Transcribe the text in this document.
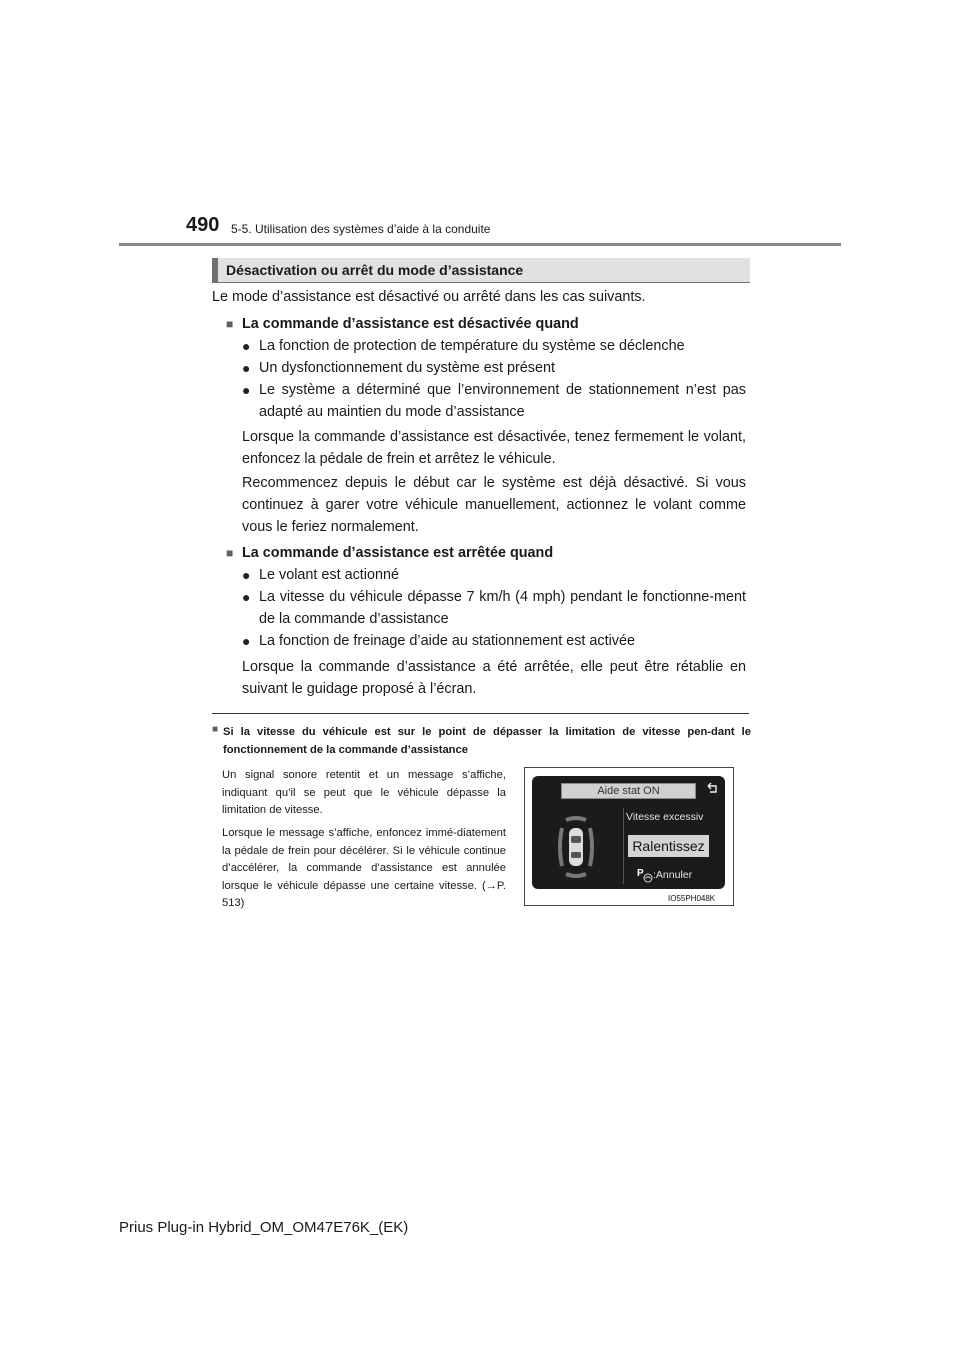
490 5-5. Utilisation des systèmes d’aide à la conduite
Désactivation ou arrêt du mode d’assistance
Le mode d’assistance est désactivé ou arrêté dans les cas suivants.
■ La commande d’assistance est désactivée quand
● La fonction de protection de température du système se déclenche
● Un dysfonctionnement du système est présent
● Le système a déterminé que l’environnement de stationnement n’est pas adapté au maintien du mode d’assistance
Lorsque la commande d’assistance est désactivée, tenez fermement le volant, enfoncez la pédale de frein et arrêtez le véhicule.
Recommencez depuis le début car le système est déjà désactivé. Si vous continuez à garer votre véhicule manuellement, actionnez le volant comme vous le feriez normalement.
■ La commande d’assistance est arrêtée quand
● Le volant est actionné
● La vitesse du véhicule dépasse 7 km/h (4 mph) pendant le fonctionne-ment de la commande d’assistance
● La fonction de freinage d’aide au stationnement est activée
Lorsque la commande d’assistance a été arrêtée, elle peut être rétablie en suivant le guidage proposé à l’écran.
■ Si la vitesse du véhicule est sur le point de dépasser la limitation de vitesse pen-dant le fonctionnement de la commande d’assistance
Un signal sonore retentit et un message s’affiche, indiquant qu’il se peut que le véhicule dépasse la limitation de vitesse.
Lorsque le message s’affiche, enfoncez immé-diatement la pédale de frein pour décélérer. Si le véhicule continue d’accélérer, la commande d’assistance est annulée lorsque le véhicule dépasse une certaine vitesse. (→P. 513)
Aide stat ON
Vitesse excessiv
Ralentissez
P :Annuler
IO55PH048K
Prius Plug-in Hybrid_OM_OM47E76K_(EK)
